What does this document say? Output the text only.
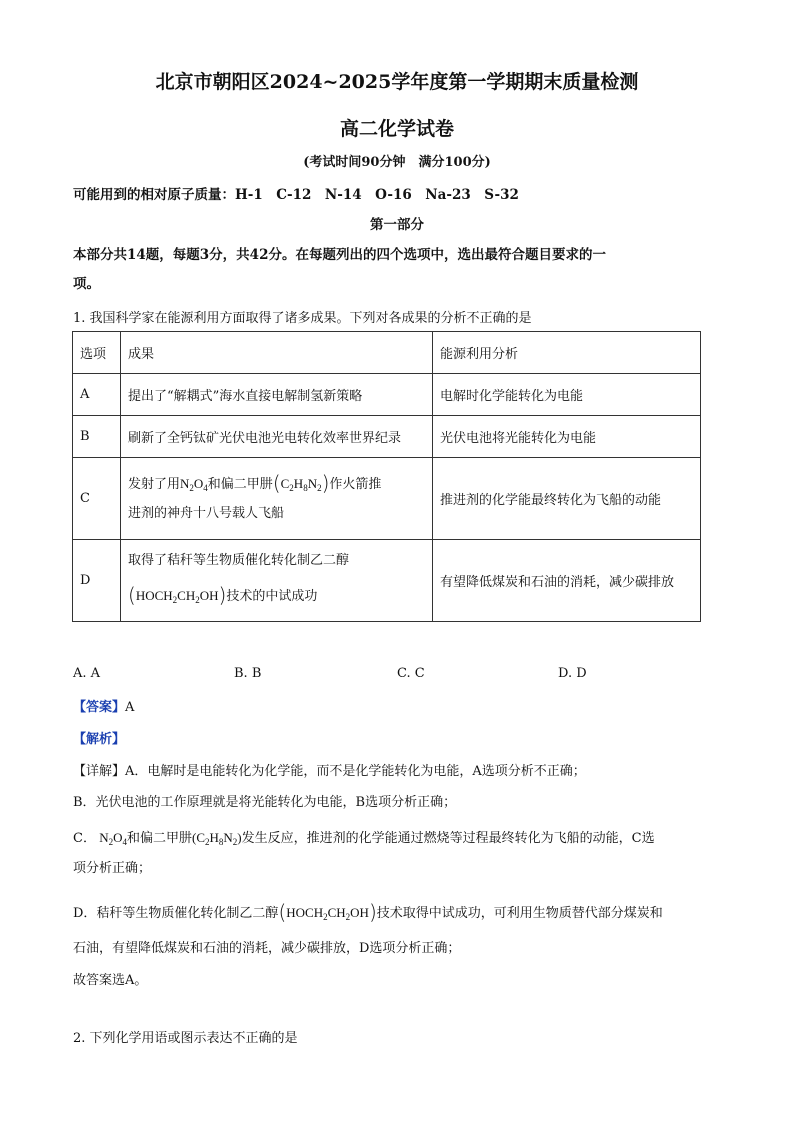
北京市朝阳区2024~2025学年度第一学期期末质量检测
高二化学试卷
(考试时间90分钟　满分100分)
可能用到的相对原子质量：H-1　C-12　N-14　O-16　Na-23　S-32
第一部分
本部分共14题，每题3分，共42分。在每题列出的四个选项中，选出最符合题目要求的一
项。
1. 我国科学家在能源利用方面取得了诸多成果。下列对各成果的分析不正确的是
选项	成果	能源利用分析
A	提出了“解耦式”海水直接电解制氢新策略	电解时化学能转化为电能
B	刷新了全钙钛矿光伏电池光电转化效率世界纪录	光伏电池将光能转化为电能
C	发射了用$N_2O_4$和偏二甲肼$(C_2H_8N_2)$作火箭推
进剂的神舟十八号载人飞船	推进剂的化学能最终转化为飞船的动能
D	取得了秸秆等生物质催化转化制乙二醇
$(HOCH_2CH_2OH)$技术的中试成功	有望降低煤炭和石油的消耗，减少碳排放
A. A	B. B	C. C	D. D
【答案】A
【解析】
【详解】A．电解时是电能转化为化学能，而不是化学能转化为电能，A选项分析不正确；
B．光伏电池的工作原理就是将光能转化为电能，B选项分析正确；
C． $N_2O_4$和偏二甲肼$(C_2H_8N_2)$发生反应，推进剂的化学能通过燃烧等过程最终转化为飞船的动能，C选
项分析正确；
D．秸秆等生物质催化转化制乙二醇$(HOCH_2CH_2OH)$技术取得中试成功，可利用生物质替代部分煤炭和
石油，有望降低煤炭和石油的消耗，减少碳排放，D选项分析正确；
故答案选A。
2. 下列化学用语或图示表达不正确的是
